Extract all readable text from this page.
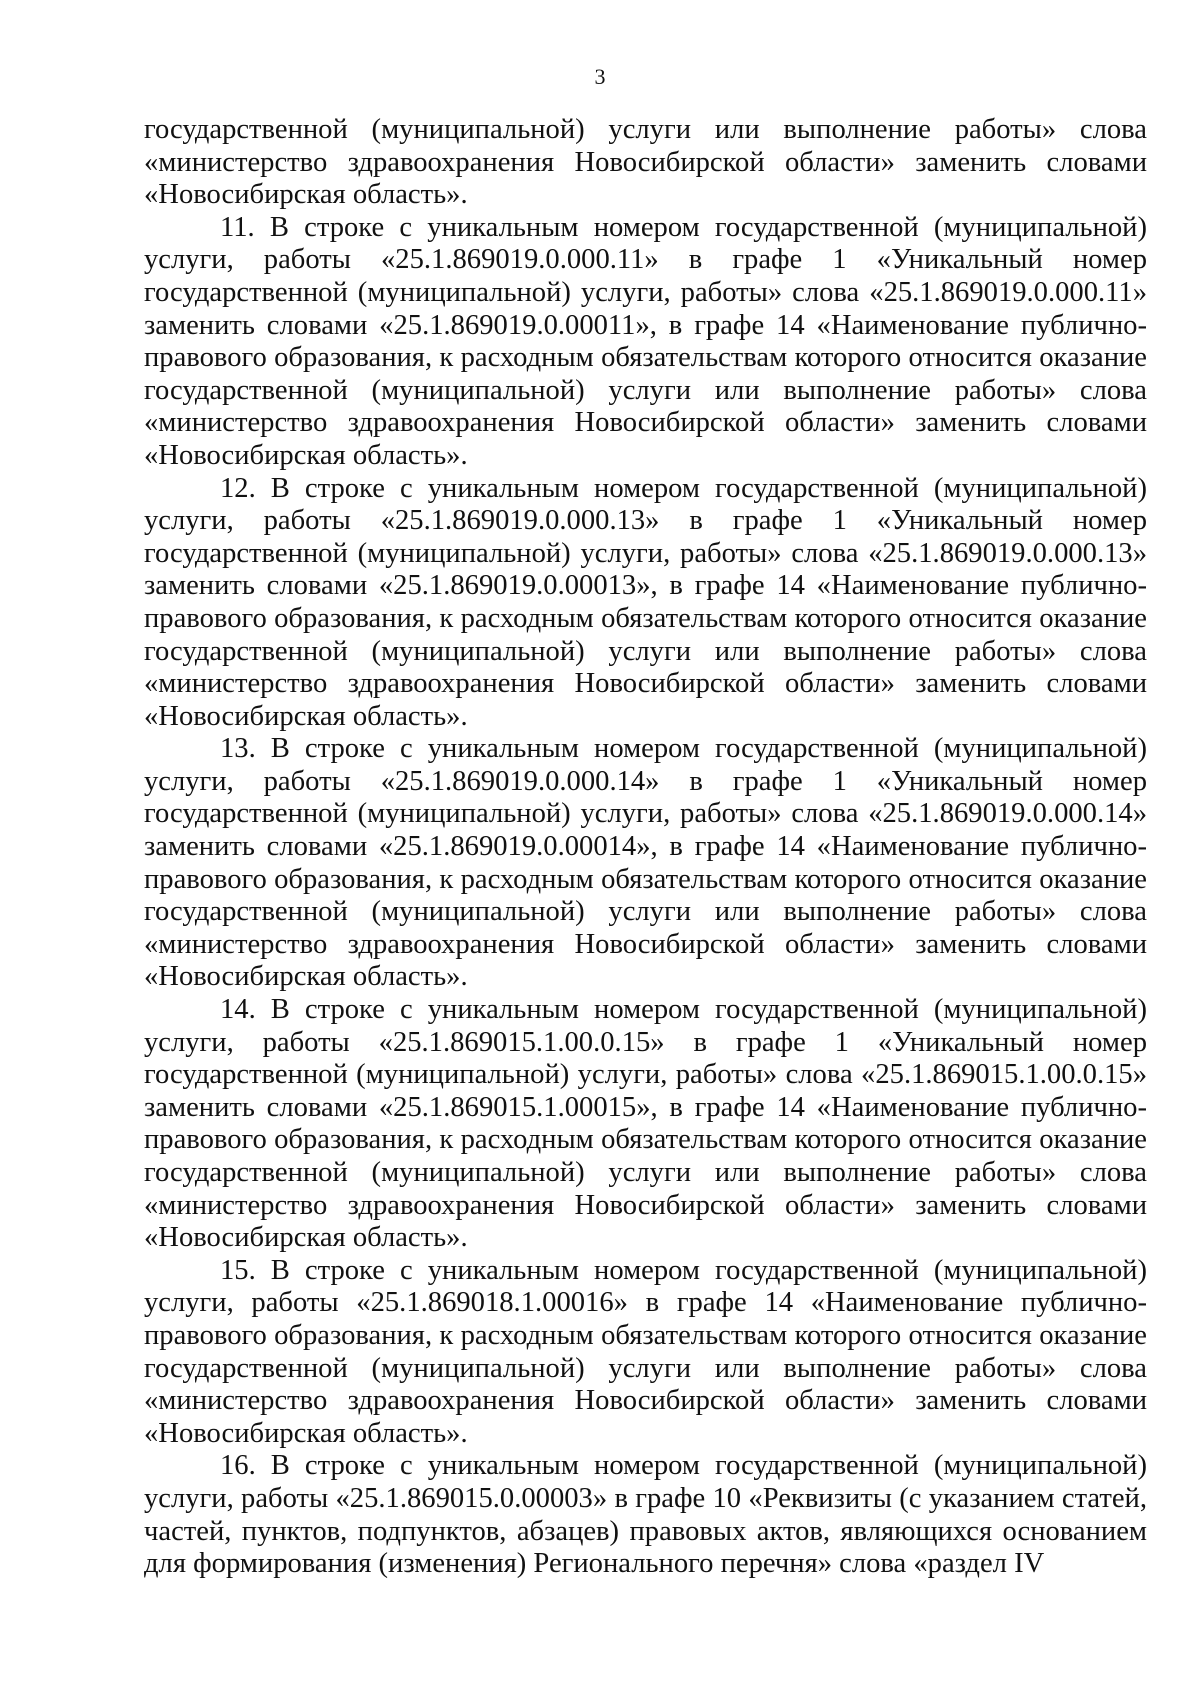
3

государственной (муниципальной) услуги или выполнение работы» слова «министерство здравоохранения Новосибирской области» заменить словами «Новосибирская область».

11. В строке с уникальным номером государственной (муниципальной) услуги, работы «25.1.869019.0.000.11» в графе 1 «Уникальный номер государственной (муниципальной) услуги, работы» слова «25.1.869019.0.000.11» заменить словами «25.1.869019.0.00011», в графе 14 «Наименование публично-правового образования, к расходным обязательствам которого относится оказание государственной (муниципальной) услуги или выполнение работы» слова «министерство здравоохранения Новосибирской области» заменить словами «Новосибирская область».

12. В строке с уникальным номером государственной (муниципальной) услуги, работы «25.1.869019.0.000.13» в графе 1 «Уникальный номер государственной (муниципальной) услуги, работы» слова «25.1.869019.0.000.13» заменить словами «25.1.869019.0.00013», в графе 14 «Наименование публично-правового образования, к расходным обязательствам которого относится оказание государственной (муниципальной) услуги или выполнение работы» слова «министерство здравоохранения Новосибирской области» заменить словами «Новосибирская область».

13. В строке с уникальным номером государственной (муниципальной) услуги, работы «25.1.869019.0.000.14» в графе 1 «Уникальный номер государственной (муниципальной) услуги, работы» слова «25.1.869019.0.000.14» заменить словами «25.1.869019.0.00014», в графе 14 «Наименование публично-правового образования, к расходным обязательствам которого относится оказание государственной (муниципальной) услуги или выполнение работы» слова «министерство здравоохранения Новосибирской области» заменить словами «Новосибирская область».

14. В строке с уникальным номером государственной (муниципальной) услуги, работы «25.1.869015.1.00.0.15» в графе 1 «Уникальный номер государственной (муниципальной) услуги, работы» слова «25.1.869015.1.00.0.15» заменить словами «25.1.869015.1.00015», в графе 14 «Наименование публично-правового образования, к расходным обязательствам которого относится оказание государственной (муниципальной) услуги или выполнение работы» слова «министерство здравоохранения Новосибирской области» заменить словами «Новосибирская область».

15. В строке с уникальным номером государственной (муниципальной) услуги, работы «25.1.869018.1.00016» в графе 14 «Наименование публично-правового образования, к расходным обязательствам которого относится оказание государственной (муниципальной) услуги или выполнение работы» слова «министерство здравоохранения Новосибирской области» заменить словами «Новосибирская область».

16. В строке с уникальным номером государственной (муниципальной) услуги, работы «25.1.869015.0.00003» в графе 10 «Реквизиты (с указанием статей, частей, пунктов, подпунктов, абзацев) правовых актов, являющихся основанием для формирования (изменения) Регионального перечня» слова «раздел IV
